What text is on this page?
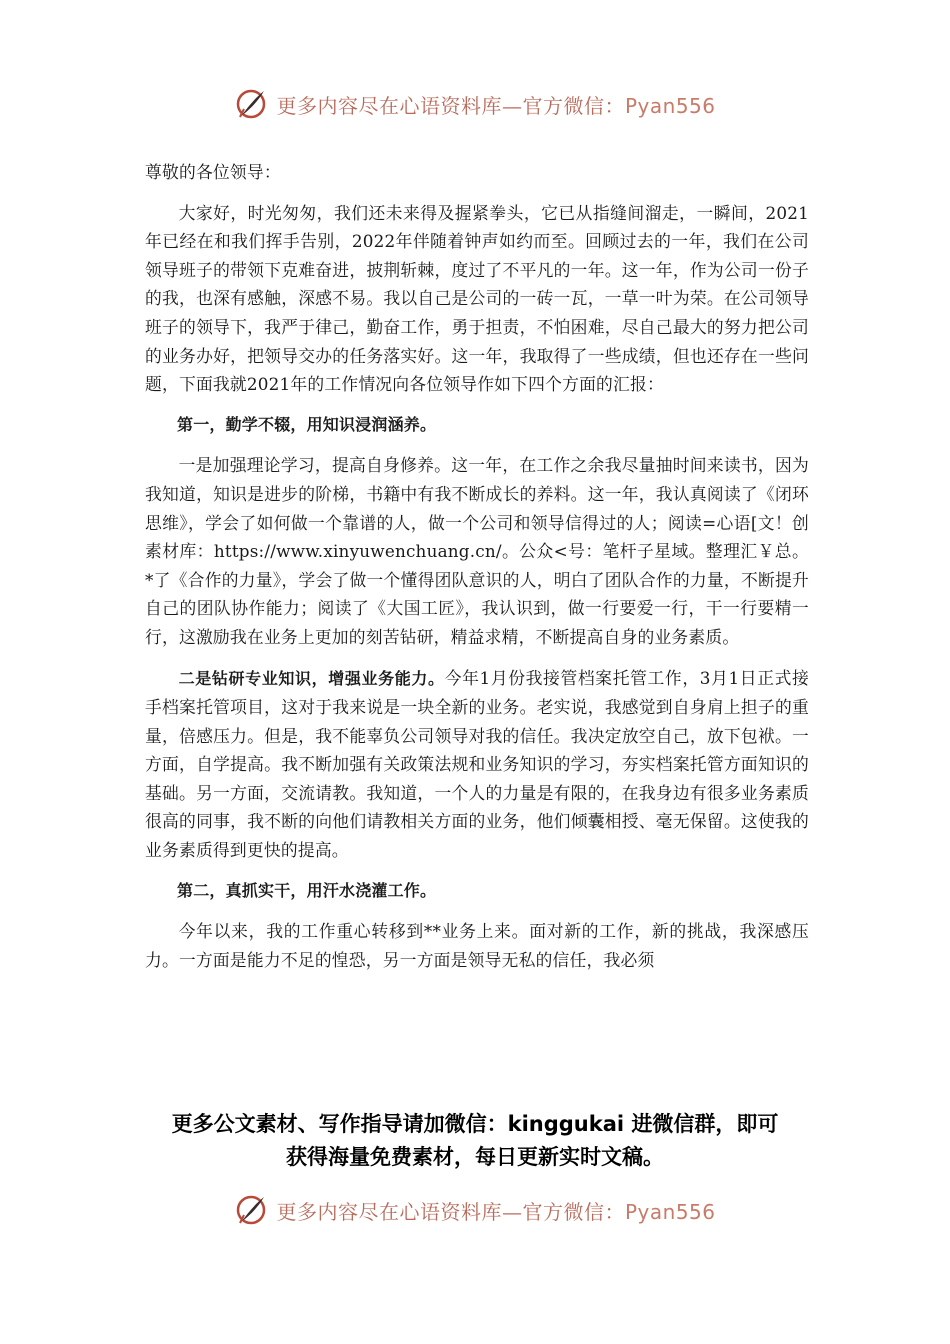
更多内容尽在心语资料库—官方微信：Pyan556

尊敬的各位领导：

大家好，时光匆匆，我们还未来得及握紧拳头，它已从指缝间溜走，一瞬间，2021年已经在和我们挥手告别，2022年伴随着钟声如约而至。回顾过去的一年，我们在公司领导班子的带领下克难奋进，披荆斩棘，度过了不平凡的一年。这一年，作为公司一份子的我，也深有感触，深感不易。我以自己是公司的一砖一瓦，一草一叶为荣。在公司领导班子的领导下，我严于律己，勤奋工作，勇于担责，不怕困难，尽自己最大的努力把公司的业务办好，把领导交办的任务落实好。这一年，我取得了一些成绩，但也还存在一些问题，下面我就2021年的工作情况向各位领导作如下四个方面的汇报：

第一，勤学不辍，用知识浸润涵养。

一是加强理论学习，提高自身修养。这一年，在工作之余我尽量抽时间来读书，因为我知道，知识是进步的阶梯，书籍中有我不断成长的养料。这一年，我认真阅读了《闭环思维》，学会了如何做一个靠谱的人，做一个公司和领导信得过的人；阅读=心语[文！创素材库：https://www.xinyuwenchuang.cn/。公众<号：笔杆子星域。整理汇￥总。*了《合作的力量》，学会了做一个懂得团队意识的人，明白了团队合作的力量，不断提升自己的团队协作能力；阅读了《大国工匠》，我认识到，做一行要爱一行，干一行要精一行，这激励我在业务上更加的刻苦钻研，精益求精，不断提高自身的业务素质。

二是钻研专业知识，增强业务能力。今年1月份我接管档案托管工作，3月1日正式接手档案托管项目，这对于我来说是一块全新的业务。老实说，我感觉到自身肩上担子的重量，倍感压力。但是，我不能辜负公司领导对我的信任。我决定放空自己，放下包袱。一方面，自学提高。我不断加强有关政策法规和业务知识的学习，夯实档案托管方面知识的基础。另一方面，交流请教。我知道，一个人的力量是有限的，在我身边有很多业务素质很高的同事，我不断的向他们请教相关方面的业务，他们倾囊相授、毫无保留。这使我的业务素质得到更快的提高。

第二，真抓实干，用汗水浇灌工作。

今年以来，我的工作重心转移到**业务上来。面对新的工作，新的挑战，我深感压力。一方面是能力不足的惶恐，另一方面是领导无私的信任，我必须

更多公文素材、写作指导请加微信：kinggukai 进微信群，即可
获得海量免费素材，每日更新实时文稿。
更多内容尽在心语资料库—官方微信：Pyan556
